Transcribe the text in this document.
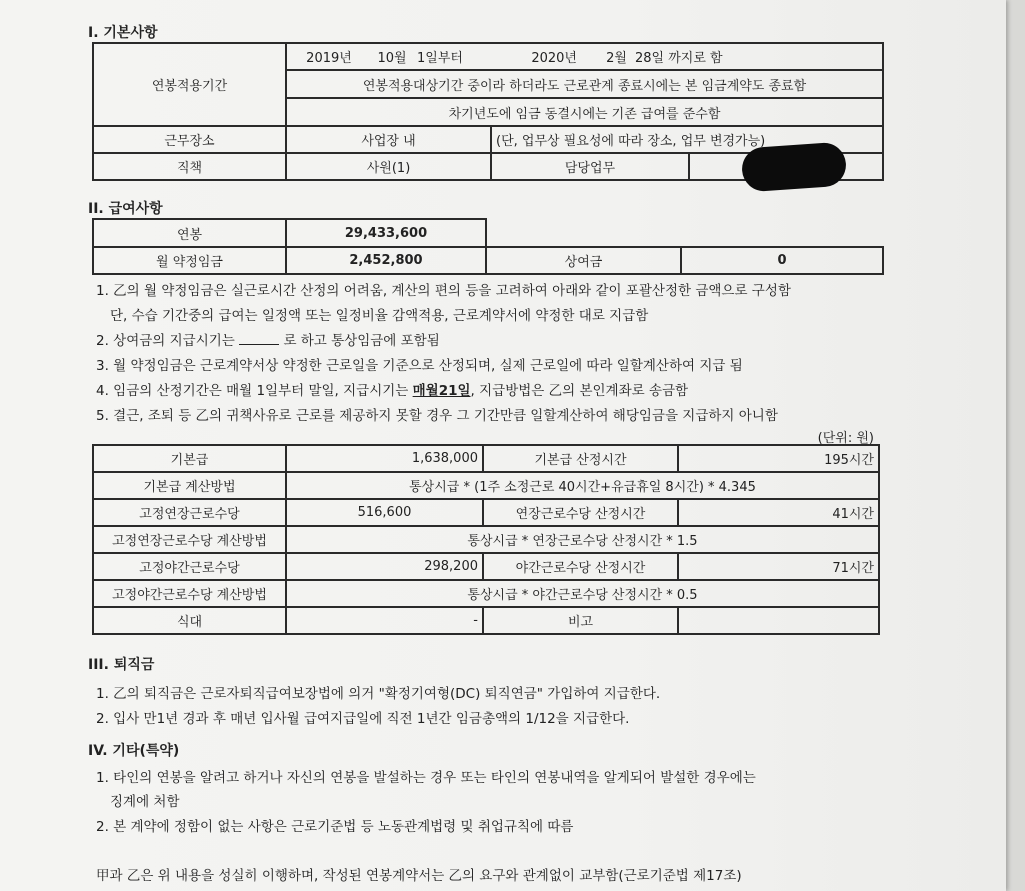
I. 기본사항
연봉적용기간	2019년	10월	1일부터	2020년	2월	28일 까지로 함	
	연봉적용대상기간 중이라 하더라도 근로관계 종료시에는 본 임금계약도 종료함						
	차기년도에 임금 동결시에는 기존 급여를 준수함						
근무장소	사업장 내			(단, 업무상 필요성에 따라 장소, 업무 변경가능)			
직책	사원(1)			담당업무			
II. 급여사항
연봉	29,433,600		
월 약정임금	2,452,800	상여금	0
1. 乙의 월 약정임금은 실근로시간 산정의 어려움, 계산의 편의 등을 고려하여 아래와 같이 포괄산정한 금액으로 구성함
단, 수습 기간중의 급여는 일정액 또는 일정비율 감액적용, 근로계약서에 약정한 대로 지급함
2. 상여금의 지급시기는	로 하고 통상임금에 포함됨
3. 월 약정임금은 근로계약서상 약정한 근로일을 기준으로 산정되며, 실제 근로일에 따라 일할계산하여 지급 됨
4. 임금의 산정기간은 매월 1일부터 말일, 지급시기는 매월21일, 지급방법은 乙의 본인계좌로 송금함
5. 결근, 조퇴 등 乙의 귀책사유로 근로를 제공하지 못할 경우 그 기간만큼 일할계산하여 해당임금을 지급하지 아니함
(단위: 원)
기본급	1,638,000	기본급 산정시간	195시간
기본급 계산방법	통상시급 * (1주 소정근로 40시간+유급휴일 8시간) * 4.345		
고정연장근로수당	516,600	연장근로수당 산정시간	41시간
고정연장근로수당 계산방법	통상시급 * 연장근로수당 산정시간 * 1.5		
고정야간근로수당	298,200	야간근로수당 산정시간	71시간
고정야간근로수당 계산방법	통상시급 * 야간근로수당 산정시간 * 0.5		
식대	-	비고	
III. 퇴직금
1. 乙의 퇴직금은 근로자퇴직급여보장법에 의거 "확정기여형(DC) 퇴직연금" 가입하여 지급한다.
2. 입사 만1년 경과 후 매년 입사월 급여지급일에 직전 1년간 임금총액의 1/12을 지급한다.
IV. 기타(특약)
1. 타인의 연봉을 알려고 하거나 자신의 연봉을 발설하는 경우 또는 타인의 연봉내역을 알게되어 발설한 경우에는
징계에 처함
2. 본 계약에 정함이 없는 사항은 근로기준법 등 노동관계법령 및 취업규칙에 따름
甲과 乙은 위 내용을 성실히 이행하며, 작성된 연봉계약서는 乙의 요구와 관계없이 교부함(근로기준법 제17조)
